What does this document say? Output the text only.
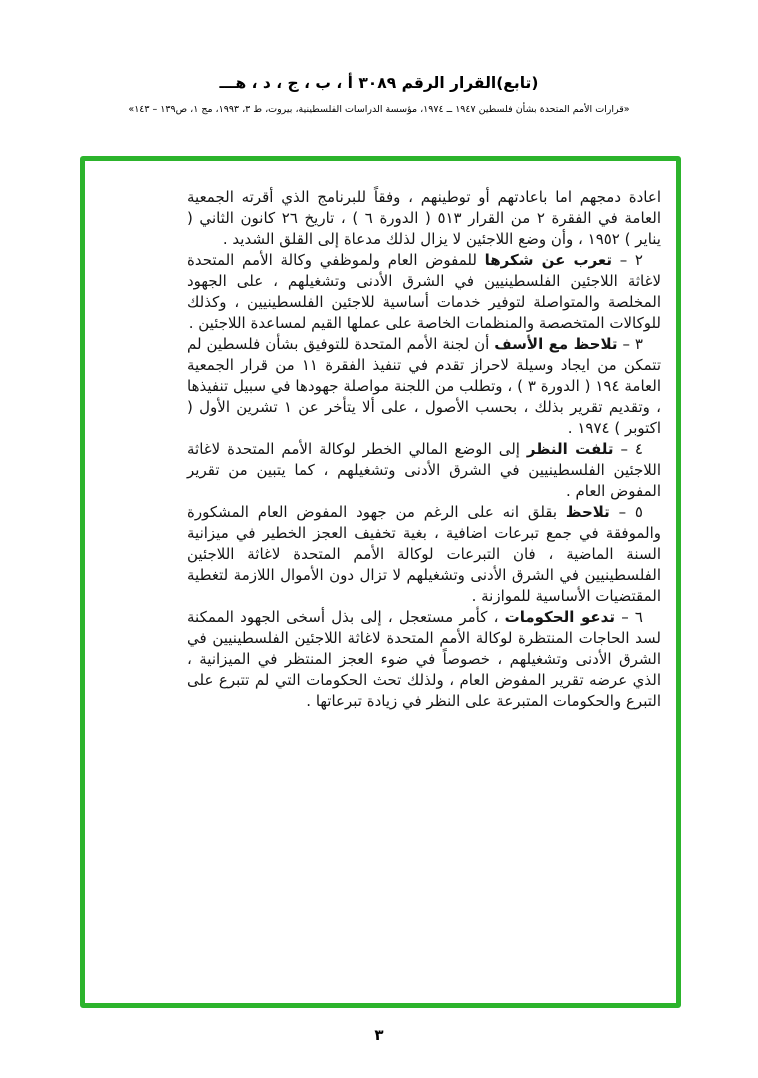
(تابع)القرار الرقم ٣٠٨٩ أ ، ب ، ج ، د ، هـــ
«قرارات الأمم المتحدة بشأن فلسطين ١٩٤٧ ــ ١٩٧٤، مؤسسة الدراسات الفلسطينية، بيروت، ط ٣، ١٩٩٣، مج ١، ص١٣٩ – ١٤٣»

اعادة دمجهم اما باعادتهم أو توطينهم ، وفقاً للبرنامج الذي أقرته الجمعية العامة في الفقرة ٢ من القرار ٥١٣ ( الدورة ٦ ) ، تاريخ ٢٦ كانون الثاني ( يناير ) ١٩٥٢ ، وأن وضع اللاجئين لا يزال لذلك مدعاة إلى القلق الشديد .

٢ – تعرب عن شكرها للمفوض العام ولموظفي وكالة الأمم المتحدة لاغاثة اللاجئين الفلسطينيين في الشرق الأدنى وتشغيلهم ، على الجهود المخلصة والمتواصلة لتوفير خدمات أساسية للاجئين الفلسطينيين ، وكذلك للوكالات المتخصصة والمنظمات الخاصة على عملها القيم لمساعدة اللاجئين .

٣ – تلاحظ مع الأسف أن لجنة الأمم المتحدة للتوفيق بشأن فلسطين لم تتمكن من ايجاد وسيلة لاحراز تقدم في تنفيذ الفقرة ١١ من قرار الجمعية العامة ١٩٤ ( الدورة ٣ ) ، وتطلب من اللجنة مواصلة جهودها في سبيل تنفيذها ، وتقديم تقرير بذلك ، بحسب الأصول ، على ألا يتأخر عن ١ تشرين الأول ( اكتوبر ) ١٩٧٤ .

٤ – تلفت النظر إلى الوضع المالي الخطر لوكالة الأمم المتحدة لاغاثة اللاجئين الفلسطينيين في الشرق الأدنى وتشغيلهم ، كما يتبين من تقرير المفوض العام .

٥ – تلاحظ بقلق انه على الرغم من جهود المفوض العام المشكورة والموفقة في جمع تبرعات اضافية ، بغية تخفيف العجز الخطير في ميزانية السنة الماضية ، فان التبرعات لوكالة الأمم المتحدة لاغاثة اللاجئين الفلسطينيين في الشرق الأدنى وتشغيلهم لا تزال دون الأموال اللازمة لتغطية المقتضيات الأساسية للموازنة .

٦ – تدعو الحكومات ، كأمر مستعجل ، إلى بذل أسخى الجهود الممكنة لسد الحاجات المنتظرة لوكالة الأمم المتحدة لاغاثة اللاجئين الفلسطينيين في الشرق الأدنى وتشغيلهم ، خصوصاً في ضوء العجز المنتظر في الميزانية ، الذي عرضه تقرير المفوض العام ، ولذلك تحث الحكومات التي لم تتبرع على التبرع والحكومات المتبرعة على النظر في زيادة تبرعاتها .

٣
